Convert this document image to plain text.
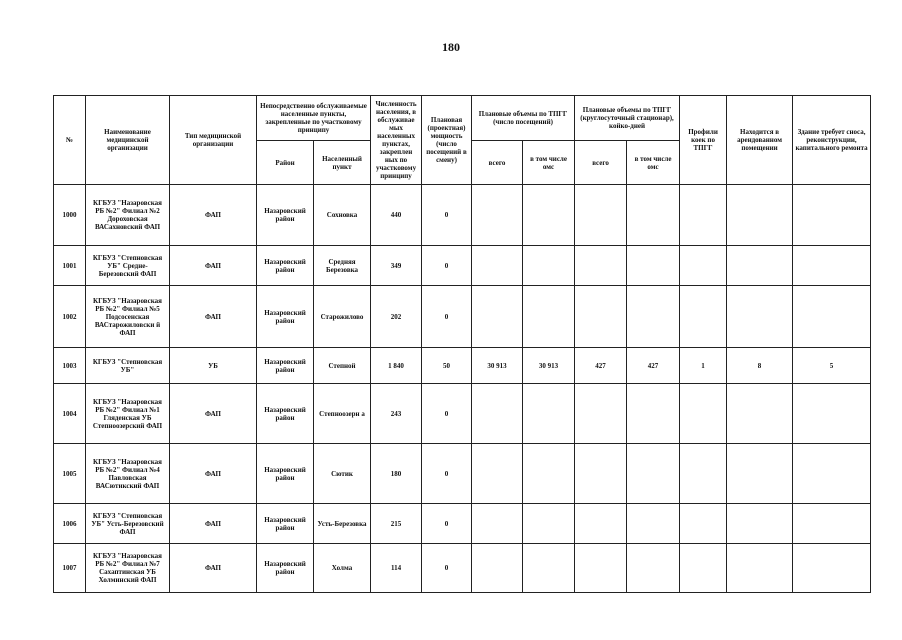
180
№	Наименование медицинской организации	Тип медицинской организации	Непосредственно обслуживаемые населенные пункты, закрепленные по участковому принципу		Численность населения, в обслуживае мых населенных пунктах, закреплен ных по участковому принципу	Плановая (проектная) мощность (число посещений в смену)	Плановые объемы по ТПГГ (число посещений)		Плановые объемы по ТПГГ (круглосуточный стационар), койко-дней		Профили коек по ТПГГ	Находится в арендованном помещении	Здание требует сноса, реконструкции, капитального ремонта
			Район	Населенный пункт			всего	в том числе омс	всего	в том числе омс			
1000	КГБУЗ "Назаровская РБ №2" Филиал №2 Дороховская ВАСахновский ФАП	ФАП	Назаровский район	Сохновка	440	0							
1001	КГБУЗ "Степновская УБ" Средне-Березовский ФАП	ФАП	Назаровский район	Средняя Березовка	349	0							
1002	КГБУЗ "Назаровская РБ №2" Филиал №5 Подсосенская ВАСтарожиловски й ФАП	ФАП	Назаровский район	Старожилово	202	0							
1003	КГБУЗ "Степновская УБ"	УБ	Назаровский район	Степной	1 840	50	30 913	30 913	427	427	1	8	5
1004	КГБУЗ "Назаровская РБ №2" Филиал №1 Гляденская УБ Степноозерский ФАП	ФАП	Назаровский район	Степноозерн а	243	0							
1005	КГБУЗ "Назаровская РБ №2" Филиал №4 Павловская ВАСютикский ФАП	ФАП	Назаровский район	Сютик	180	0							
1006	КГБУЗ "Степновская УБ" Усть-Березовский ФАП	ФАП	Назаровский район	Усть-Березовка	215	0							
1007	КГБУЗ "Назаровская РБ №2" Филиал №7 Сахаптинская УБ Холминский ФАП	ФАП	Назаровский район	Холма	114	0							
